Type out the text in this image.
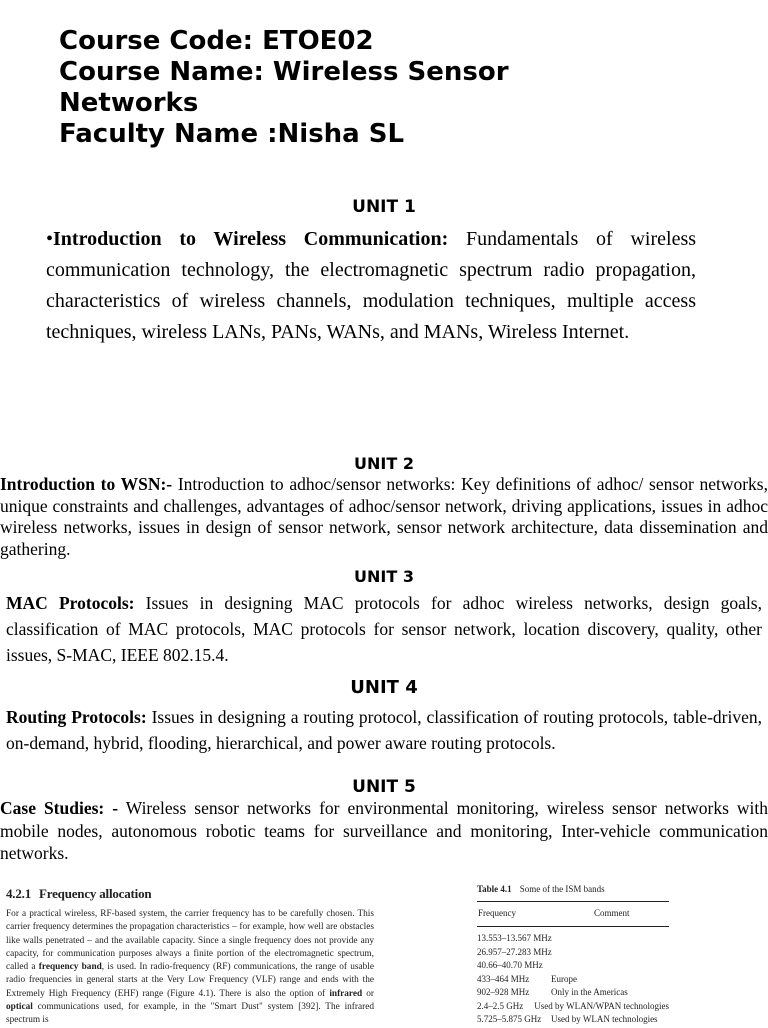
Course Code: ETOE02
Course Name: Wireless Sensor
Networks
Faculty Name :Nisha SL
UNIT 1
•Introduction to Wireless Communication: Fundamentals of wireless communication technology, the electromagnetic spectrum radio propagation, characteristics of wireless channels, modulation techniques, multiple access techniques, wireless LANs, PANs, WANs, and MANs, Wireless Internet.
UNIT 2
Introduction to WSN:- Introduction to adhoc/sensor networks: Key definitions of adhoc/ sensor networks, unique constraints and challenges, advantages of adhoc/sensor network, driving applications, issues in adhoc wireless networks, issues in design of sensor network, sensor network architecture, data dissemination and gathering.
UNIT 3
MAC Protocols: Issues in designing MAC protocols for adhoc wireless networks, design goals, classification of MAC protocols, MAC protocols for sensor network, location discovery, quality, other issues, S-MAC, IEEE 802.15.4.
UNIT 4
Routing Protocols: Issues in designing a routing protocol, classification of routing protocols, table-driven, on-demand, hybrid, flooding, hierarchical, and power aware routing protocols.
UNIT 5
Case Studies: - Wireless sensor networks for environmental monitoring, wireless sensor networks with mobile nodes, autonomous robotic teams for surveillance and monitoring, Inter-vehicle communication networks.
4.2.1 Frequency allocation
For a practical wireless, RF-based system, the carrier frequency has to be carefully chosen. This carrier frequency determines the propagation characteristics – for example, how well are obstacles like walls penetrated – and the available capacity. Since a single frequency does not provide any capacity, for communication purposes always a finite portion of the electromagnetic spectrum, called a frequency band, is used. In radio-frequency (RF) communications, the range of usable radio frequencies in general starts at the Very Low Frequency (VLF) range and ends with the Extremely High Frequency (EHF) range (Figure 4.1). There is also the option of infrared or optical communications used, for example, in the "Smart Dust" system [392]. The infrared spectrum is
Table 4.1 Some of the ISM bands
Frequency	Comment
13.553–13.567 MHz
26.957–27.283 MHz
40.66–40.70 MHz
433–464 MHz	Europe
902–928 MHz	Only in the Americas
2.4–2.5 GHz	Used by WLAN/WPAN technologies
5.725–5.875 GHz	Used by WLAN technologies
